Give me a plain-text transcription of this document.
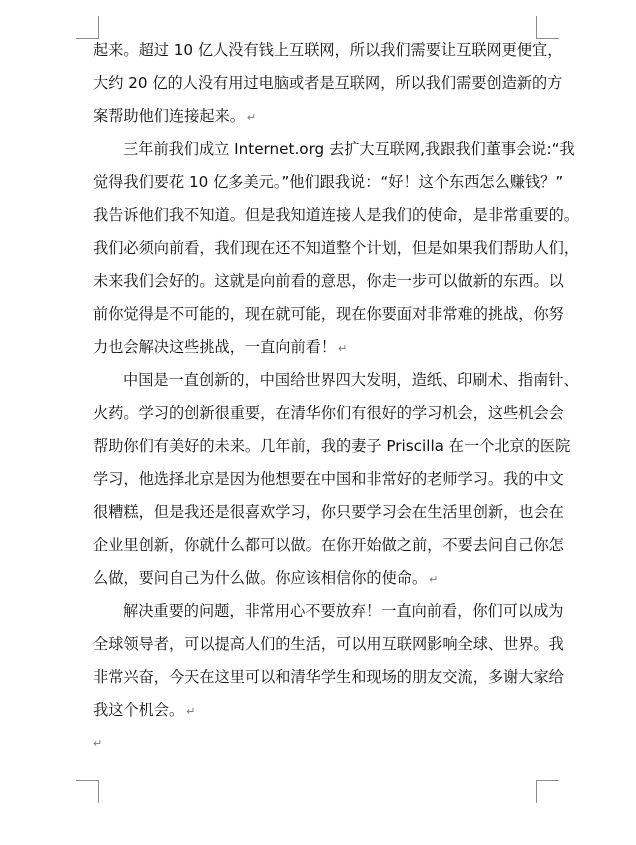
起来。超过 10 亿人没有钱上互联网，所以我们需要让互联网更便宜，
大约 20 亿的人没有用过电脑或者是互联网，所以我们需要创造新的方
案帮助他们连接起来。 ↵
三年前我们成立 Internet.org 去扩大互联网,我跟我们董事会说:“我
觉得我们要花 10 亿多美元。”他们跟我说：“好！这个东西怎么赚钱？”
我告诉他们我不知道。但是我知道连接人是我们的使命，是非常重要的。
我们必须向前看，我们现在还不知道整个计划，但是如果我们帮助人们，
未来我们会好的。这就是向前看的意思，你走一步可以做新的东西。以
前你觉得是不可能的，现在就可能，现在你要面对非常难的挑战，你努
力也会解决这些挑战，一直向前看！ ↵
中国是一直创新的，中国给世界四大发明，造纸、印刷术、指南针、
火药。学习的创新很重要，在清华你们有很好的学习机会，这些机会会
帮助你们有美好的未来。几年前，我的妻子 Priscilla 在一个北京的医院
学习，他选择北京是因为他想要在中国和非常好的老师学习。我的中文
很糟糕，但是我还是很喜欢学习，你只要学习会在生活里创新，也会在
企业里创新，你就什么都可以做。在你开始做之前，不要去问自己你怎
么做，要问自己为什么做。你应该相信你的使命。 ↵
解决重要的问题，非常用心不要放弃！一直向前看，你们可以成为
全球领导者，可以提高人们的生活，可以用互联网影响全球、世界。我
非常兴奋，今天在这里可以和清华学生和现场的朋友交流，多谢大家给
我这个机会。 ↵
↵
